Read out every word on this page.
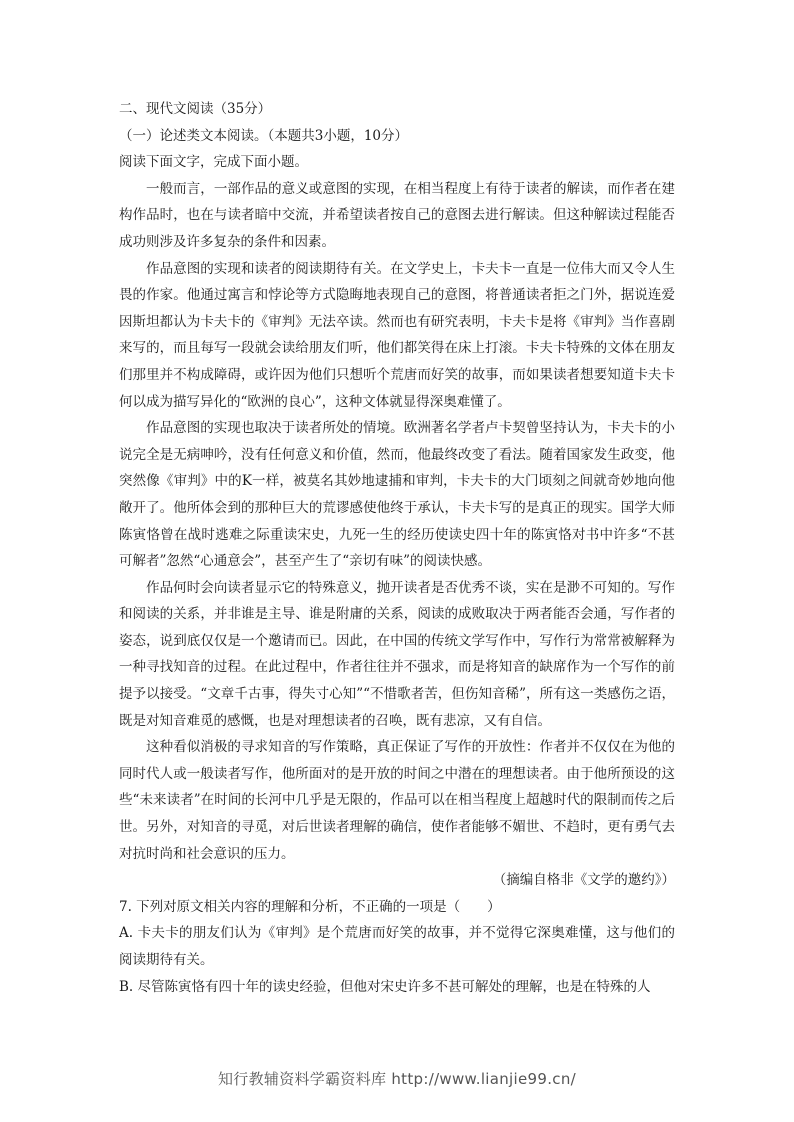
二、现代文阅读（35分）

（一）论述类文本阅读。（本题共3小题，10分）

阅读下面文字，完成下面小题。

一般而言，一部作品的意义或意图的实现，在相当程度上有待于读者的解读，而作者在建构作品时，也在与读者暗中交流，并希望读者按自己的意图去进行解读。但这种解读过程能否成功则涉及许多复杂的条件和因素。

作品意图的实现和读者的阅读期待有关。在文学史上，卡夫卡一直是一位伟大而又令人生畏的作家。他通过寓言和悖论等方式隐晦地表现自己的意图，将普通读者拒之门外，据说连爱因斯坦都认为卡夫卡的《审判》无法卒读。然而也有研究表明，卡夫卡是将《审判》当作喜剧来写的，而且每写一段就会读给朋友们听，他们都笑得在床上打滚。卡夫卡特殊的文体在朋友们那里并不构成障碍，或许因为他们只想听个荒唐而好笑的故事，而如果读者想要知道卡夫卡何以成为描写异化的“欧洲的良心”，这种文体就显得深奥难懂了。

作品意图的实现也取决于读者所处的情境。欧洲著名学者卢卡契曾坚持认为，卡夫卡的小说完全是无病呻吟，没有任何意义和价值，然而，他最终改变了看法。随着国家发生政变，他突然像《审判》中的K一样，被莫名其妙地逮捕和审判，卡夫卡的大门顷刻之间就奇妙地向他敞开了。他所体会到的那种巨大的荒谬感使他终于承认，卡夫卡写的是真正的现实。国学大师陈寅恪曾在战时逃难之际重读宋史，九死一生的经历使读史四十年的陈寅恪对书中许多“不甚可解者”忽然“心通意会”，甚至产生了“亲切有味”的阅读快感。

作品何时会向读者显示它的特殊意义，抛开读者是否优秀不谈，实在是渺不可知的。写作和阅读的关系，并非谁是主导、谁是附庸的关系，阅读的成败取决于两者能否会通，写作者的姿态，说到底仅仅是一个邀请而已。因此，在中国的传统文学写作中，写作行为常常被解释为一种寻找知音的过程。在此过程中，作者往往并不强求，而是将知音的缺席作为一个写作的前提予以接受。“文章千古事，得失寸心知”“不惜歌者苦，但伤知音稀”，所有这一类感伤之语，既是对知音难觅的感慨，也是对理想读者的召唤，既有悲凉，又有自信。

这种看似消极的寻求知音的写作策略，真正保证了写作的开放性：作者并不仅仅在为他的同时代人或一般读者写作，他所面对的是开放的时间之中潜在的理想读者。由于他所预设的这些“未来读者”在时间的长河中几乎是无限的，作品可以在相当程度上超越时代的限制而传之后世。另外，对知音的寻觅，对后世读者理解的确信，使作者能够不媚世、不趋时，更有勇气去对抗时尚和社会意识的压力。

（摘编自格非《文学的邀约》）

7. 下列对原文相关内容的理解和分析，不正确的一项是（　　）

A. 卡夫卡的朋友们认为《审判》是个荒唐而好笑的故事，并不觉得它深奥难懂，这与他们的阅读期待有关。

B. 尽管陈寅恪有四十年的读史经验，但他对宋史许多不甚可解处的理解，也是在特殊的人

知行教辅资料学霸资料库 http://www.lianjie99.cn/
